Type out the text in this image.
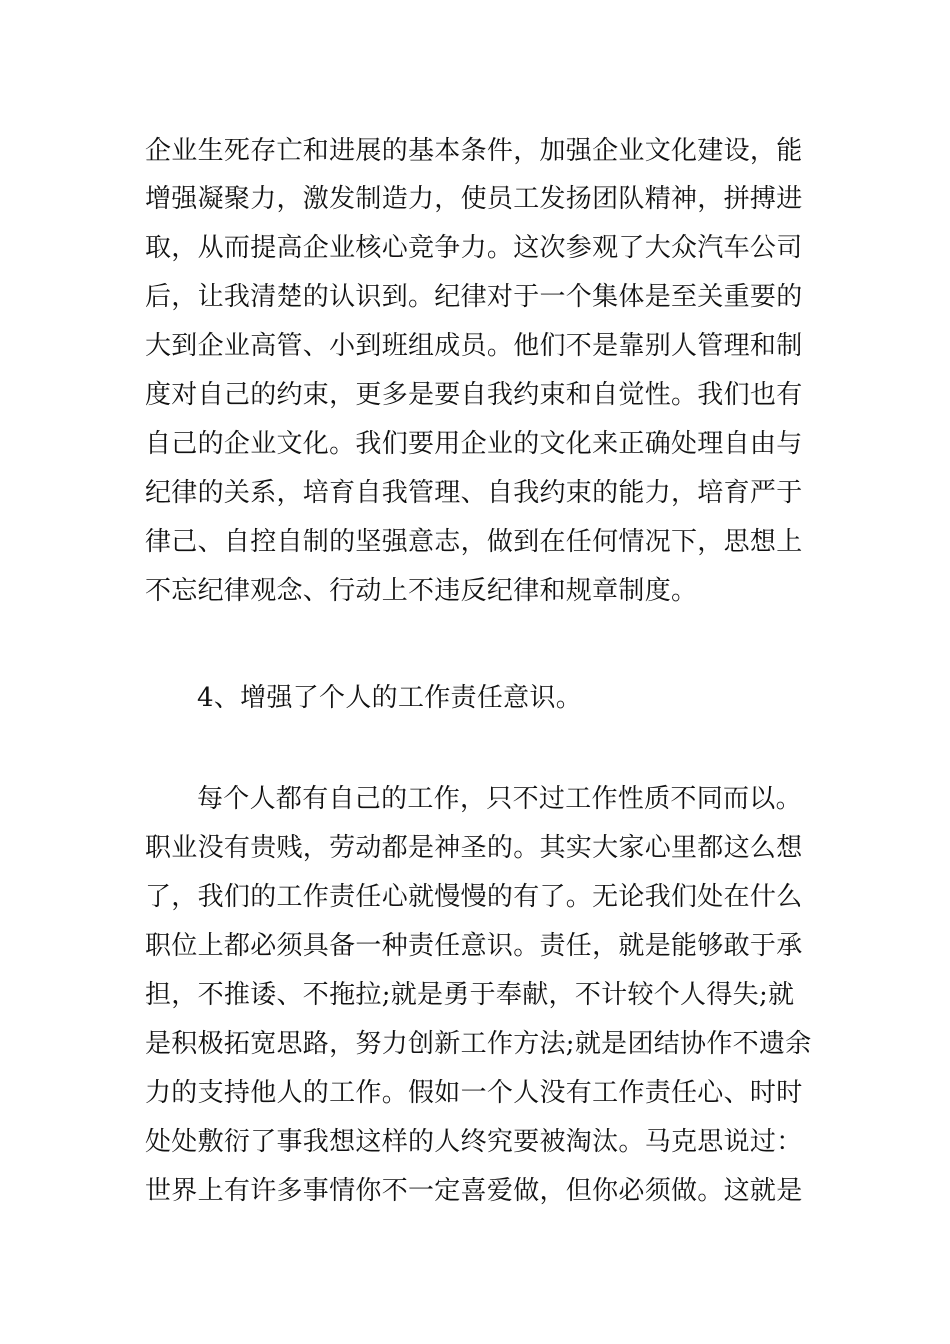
企业生死存亡和进展的基本条件，加强企业文化建设，能
增强凝聚力，激发制造力，使员工发扬团队精神，拼搏进
取，从而提高企业核心竞争力。这次参观了大众汽车公司
后，让我清楚的认识到。纪律对于一个集体是至关重要的
大到企业高管、小到班组成员。他们不是靠别人管理和制
度对自己的约束，更多是要自我约束和自觉性。我们也有
自己的企业文化。我们要用企业的文化来正确处理自由与
纪律的关系，培育自我管理、自我约束的能力，培育严于
律己、自控自制的坚强意志，做到在任何情况下，思想上
不忘纪律观念、行动上不违反纪律和规章制度。
4、增强了个人的工作责任意识。
每个人都有自己的工作，只不过工作性质不同而以。
职业没有贵贱，劳动都是神圣的。其实大家心里都这么想
了，我们的工作责任心就慢慢的有了。无论我们处在什么
职位上都必须具备一种责任意识。责任，就是能够敢于承
担，不推诿、不拖拉;就是勇于奉献，不计较个人得失;就
是积极拓宽思路，努力创新工作方法;就是团结协作不遗余
力的支持他人的工作。假如一个人没有工作责任心、时时
处处敷衍了事我想这样的人终究要被淘汰。马克思说过：
世界上有许多事情你不一定喜爱做，但你必须做。这就是
